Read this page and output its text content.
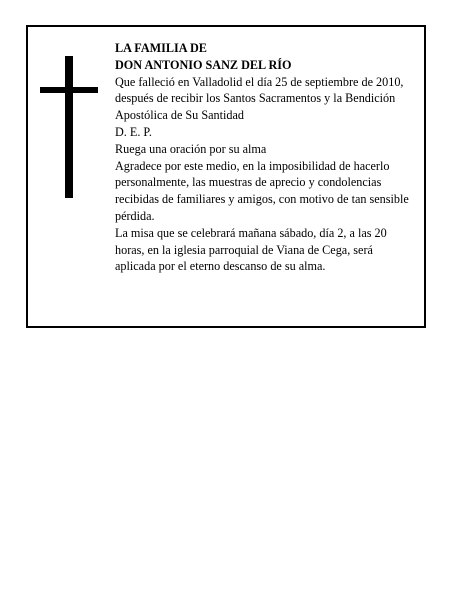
LA FAMILIA DE

DON ANTONIO SANZ DEL RÍO

Que falleció en Valladolid el día 25 de septiembre de 2010, después de recibir los Santos Sacramentos y la Bendición Apostólica de Su Santidad

D. E. P.

Ruega una oración por su alma

Agradece por este medio, en la imposibilidad de hacerlo personalmente, las muestras de aprecio y condolencias recibidas de familiares y amigos, con motivo de tan sensible pérdida.

La misa que se celebrará mañana sábado, día 2, a las 20 horas, en la iglesia parroquial de Viana de Cega, será aplicada por el eterno descanso de su alma.
